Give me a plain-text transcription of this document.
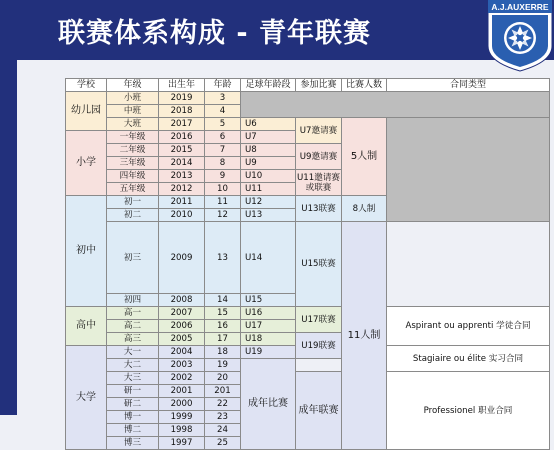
联赛体系构成 - 青年联赛
A.J.AUXERRE
学校	年级	出生年	年龄	足球年龄段	参加比赛	比赛人数	合同类型	
幼儿园	小班	2019	3					
	中班	2018	4					
	大班	2017	5	U6	U7邀请赛	5人制		
小学	一年级	2016	6	U7				
	二年级	2015	7	U8	U9邀请赛			
	三年级	2014	8	U9				
	四年级	2013	9	U10	U11邀请赛或联赛			
	五年级	2012	10	U11				
初中	初一	2011	11	U12	U13联赛	8人制	
	初二	2010	12	U13				
	初三	2009	13	U14	U15联赛	11人制		
	初四	2008	14	U15				
高中	高一	2007	15	U16	U17联赛		Aspirant ou apprenti 学徒合同	
	高二	2006	16	U17				
	高三	2005	17	U18	U19联赛			
大学	大一	2004	18	U19			Stagiaire ou élite 实习合同	
	大二	2003	19	成年比赛				
	大三	2002	20		成年联赛		Professionel 职业合同	
	研一	2001	201					
	研二	2000	22					
	博一	1999	23					
	博二	1998	24					
	博三	1997	25					
